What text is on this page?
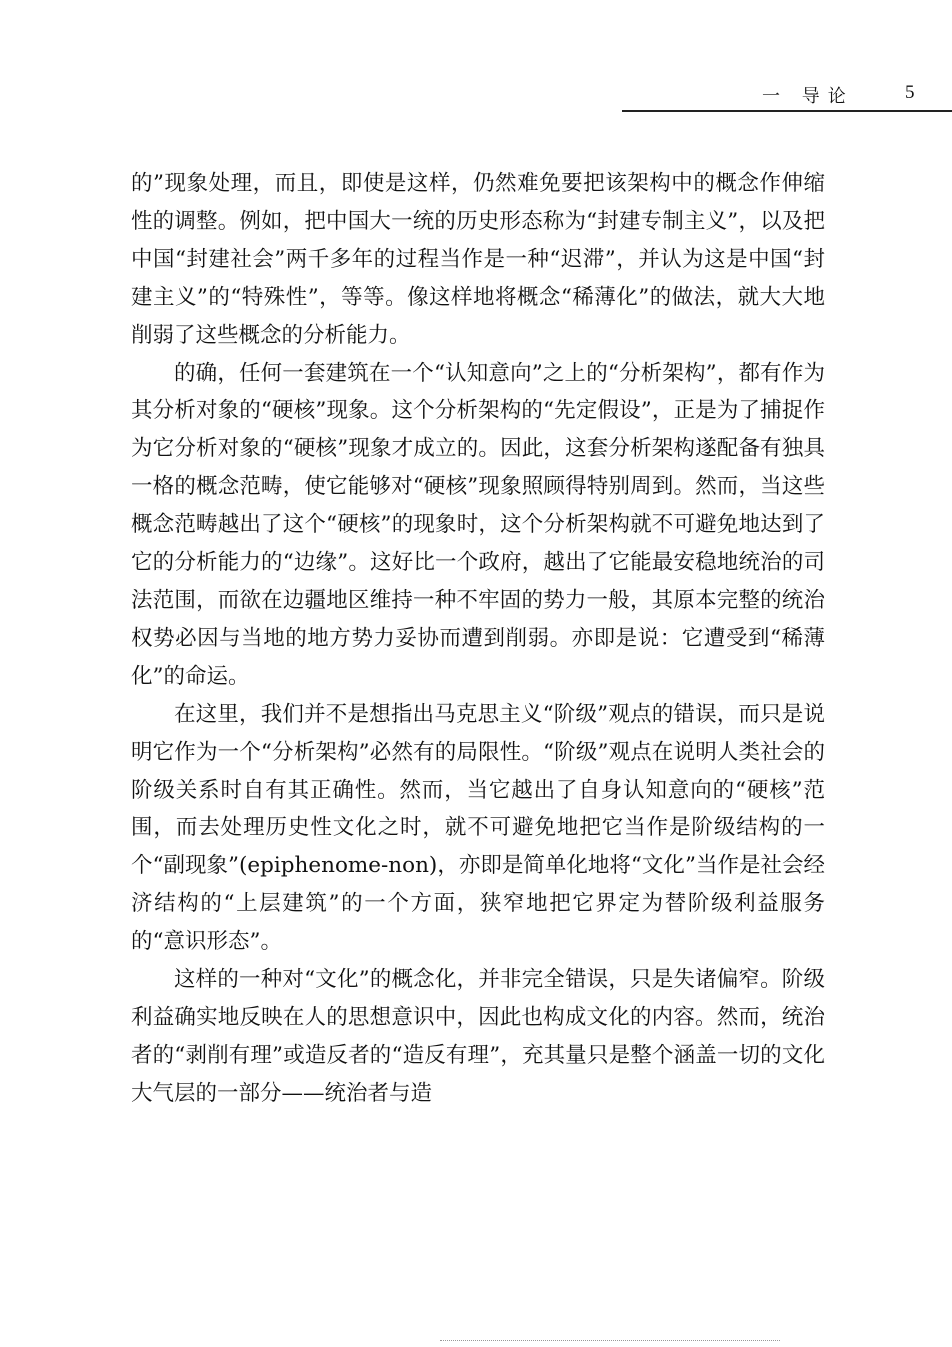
一 导论	5

的”现象处理，而且，即使是这样，仍然难免要把该架构中的概念作伸缩性的调整。例如，把中国大一统的历史形态称为“封建专制主义”，以及把中国“封建社会”两千多年的过程当作是一种“迟滞”，并认为这是中国“封建主义”的“特殊性”，等等。像这样地将概念“稀薄化”的做法，就大大地削弱了这些概念的分析能力。

的确，任何一套建筑在一个“认知意向”之上的“分析架构”，都有作为其分析对象的“硬核”现象。这个分析架构的“先定假设”，正是为了捕捉作为它分析对象的“硬核”现象才成立的。因此，这套分析架构遂配备有独具一格的概念范畴，使它能够对“硬核”现象照顾得特别周到。然而，当这些概念范畴越出了这个“硬核”的现象时，这个分析架构就不可避免地达到了它的分析能力的“边缘”。这好比一个政府，越出了它能最安稳地统治的司法范围，而欲在边疆地区维持一种不牢固的势力一般，其原本完整的统治权势必因与当地的地方势力妥协而遭到削弱。亦即是说：它遭受到“稀薄化”的命运。

在这里，我们并不是想指出马克思主义“阶级”观点的错误，而只是说明它作为一个“分析架构”必然有的局限性。“阶级”观点在说明人类社会的阶级关系时自有其正确性。然而，当它越出了自身认知意向的“硬核”范围，而去处理历史性文化之时，就不可避免地把它当作是阶级结构的一个“副现象”(epiphenome-non)，亦即是简单化地将“文化”当作是社会经济结构的“上层建筑”的一个方面，狭窄地把它界定为替阶级利益服务的“意识形态”。

这样的一种对“文化”的概念化，并非完全错误，只是失诸偏窄。阶级利益确实地反映在人的思想意识中，因此也构成文化的内容。然而，统治者的“剥削有理”或造反者的“造反有理”，充其量只是整个涵盖一切的文化大气层的一部分——统治者与造
